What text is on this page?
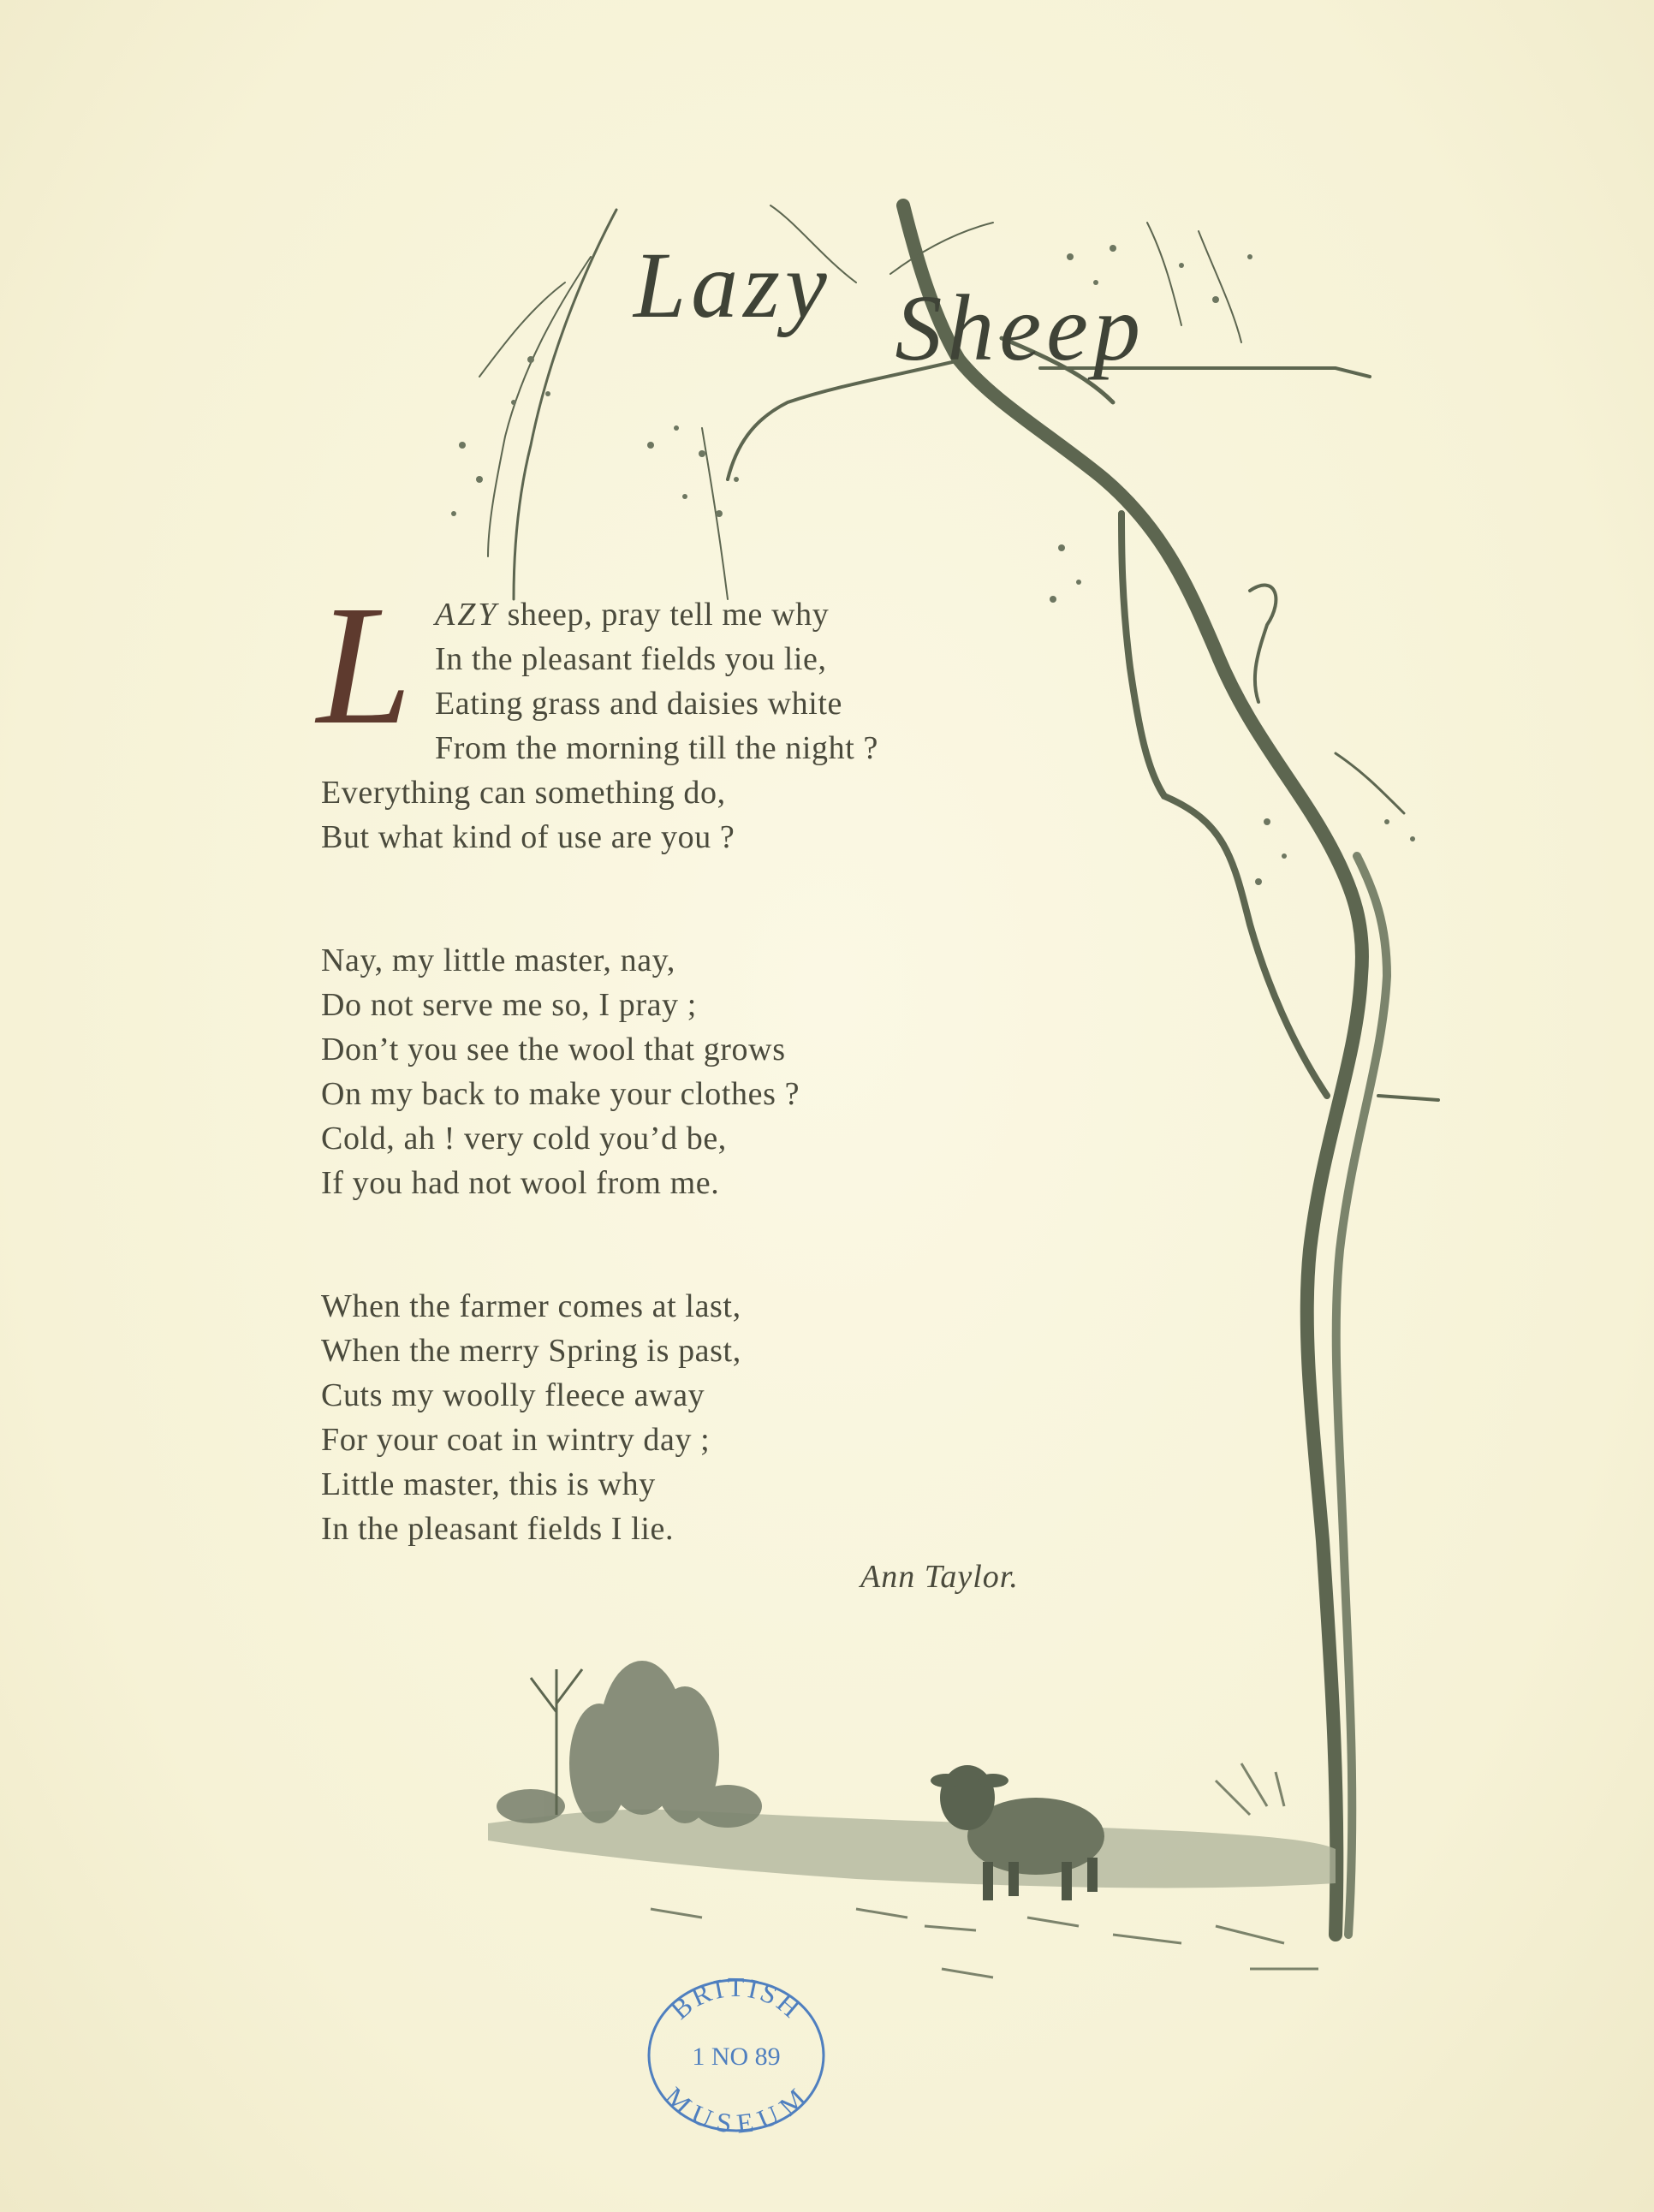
Lazy Sheep
L AZY sheep, pray tell me why
In the pleasant fields you lie,
Eating grass and daisies white
From the morning till the night ?
Everything can something do,
But what kind of use are you ?
Nay, my little master, nay,
Do not serve me so, I pray ;
Don’t you see the wool that grows
On my back to make your clothes ?
Cold, ah ! very cold you’d be,
If you had not wool from me.
When the farmer comes at last,
When the merry Spring is past,
Cuts my woolly fleece away
For your coat in wintry day ;
Little master, this is why
In the pleasant fields I lie.
Ann Taylor.
BRITISH
1 NO 89
MUSEUM
